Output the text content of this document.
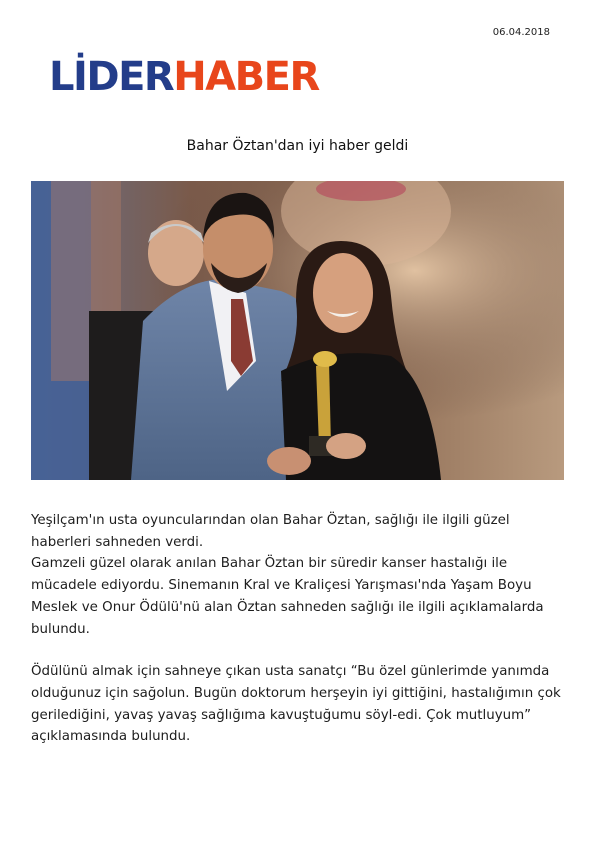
06.04.2018
LİDERHABER
Bahar Öztan'dan iyi haber geldi

Yeşilçam'ın usta oyuncularından olan Bahar Öztan, sağlığı ile ilgili güzel haberleri sahneden verdi.

Gamzeli güzel olarak anılan Bahar Öztan bir süredir kanser hastalığı ile mücadele ediyordu. Sinemanın Kral ve Kraliçesi Yarışması'nda Yaşam Boyu Meslek ve Onur Ödülü'nü alan Öztan sahneden sağlığı ile ilgili açıklamalarda bulundu.

Ödülünü almak için sahneye çıkan usta sanatçı “Bu özel günlerimde yanımda olduğunuz için sağolun. Bugün doktorum herşeyin iyi gittiğini, hastalığımın çok gerilediğini, yavaş yavaş sağlığıma kavuştuğumu söyl-edi. Çok mutluyum” açıklamasında bulundu.
